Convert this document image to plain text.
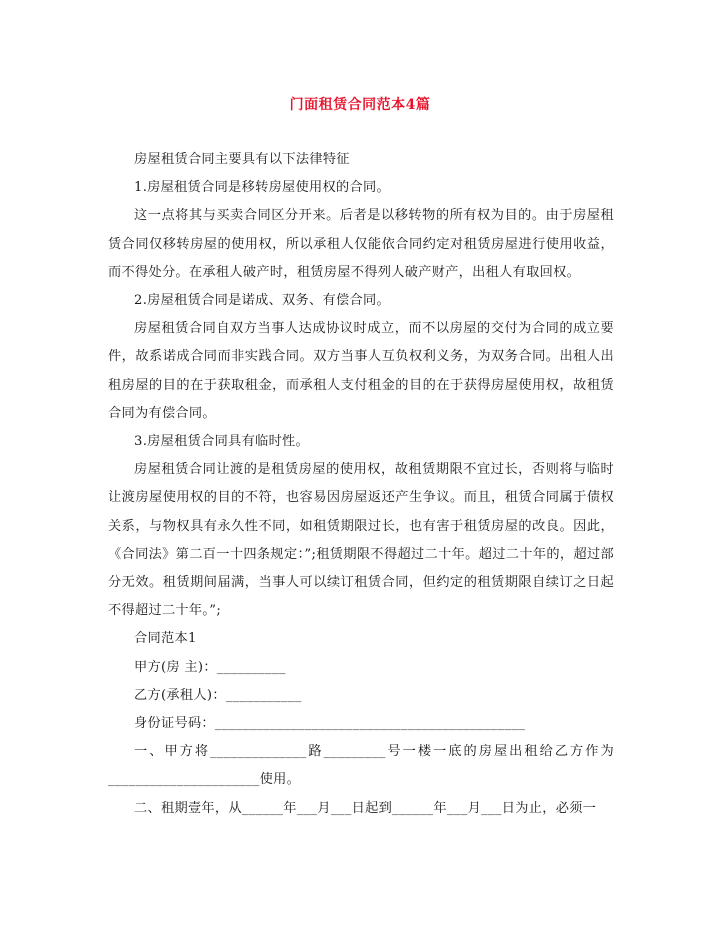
门面租赁合同范本4篇

房屋租赁合同主要具有以下法律特征

1.房屋租赁合同是移转房屋使用权的合同。

这一点将其与买卖合同区分开来。后者是以移转物的所有权为目的。由于房屋租赁合同仅移转房屋的使用权，所以承租人仅能依合同约定对租赁房屋进行使用收益，而不得处分。在承租人破产时，租赁房屋不得列人破产财产，出租人有取回权。

2.房屋租赁合同是诺成、双务、有偿合同。

房屋租赁合同自双方当事人达成协议时成立，而不以房屋的交付为合同的成立要件，故系诺成合同而非实践合同。双方当事人互负权利义务，为双务合同。出租人出租房屋的目的在于获取租金，而承租人支付租金的目的在于获得房屋使用权，故租赁合同为有偿合同。

3.房屋租赁合同具有临时性。

房屋租赁合同让渡的是租赁房屋的使用权，故租赁期限不宜过长，否则将与临时让渡房屋使用权的目的不符，也容易因房屋返还产生争议。而且，租赁合同属于债权关系，与物权具有永久性不同，如租赁期限过长，也有害于租赁房屋的改良。因此，《合同法》第二百一十四条规定：”;租赁期限不得超过二十年。超过二十年的，超过部分无效。租赁期间届满，当事人可以续订租赁合同，但约定的租赁期限自续订之日起不得超过二十年。”;

合同范本1

甲方(房 主)：__________

乙方(承租人)：___________

身份证号码：_____________________________________________

一、甲方将______________路_________号一楼一底的房屋出租给乙方作为______________________使用。

二、租期壹年，从______年___月___日起到______年___月___日为止，必须一
